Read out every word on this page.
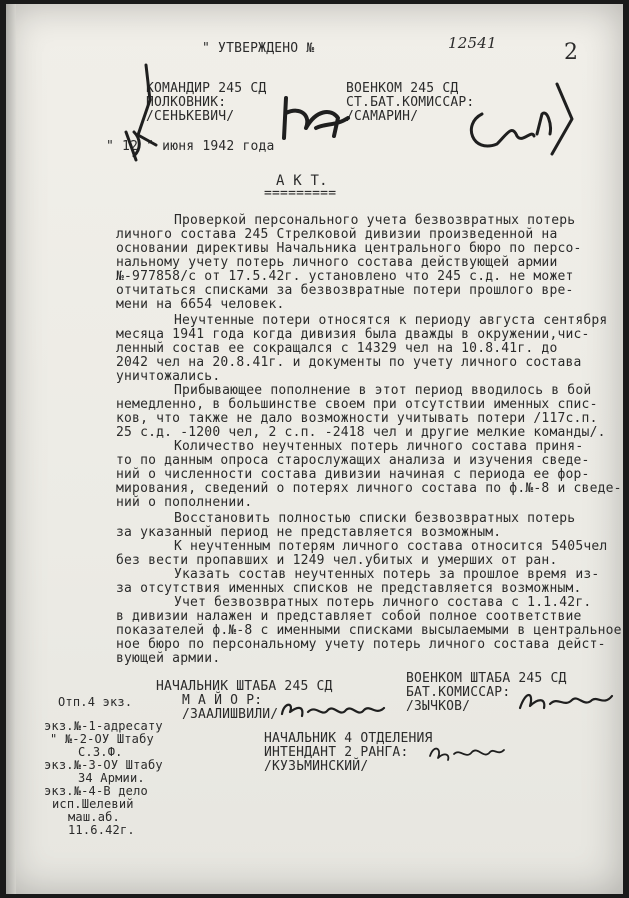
" УТВЕРЖДЕНО №	12541	2
КОМАНДИР 245 СД
ПОЛКОВНИК:
/СЕНЬКЕВИЧ/
ВОЕНКОМ 245 СД
СТ.БАТ.КОМИССАР:
/САМАРИН/
" 12 " июня 1942 года
А К Т.
=========
Проверкой персонального учета безвозвратных потерь
личного состава 245 Стрелковой дивизии произведенной на
основании директивы Начальника центрального бюро по персо-
нальному учету потерь личного состава действующей армии
№-977858/с от 17.5.42г. установлено что 245 с.д. не может
отчитаться списками за безвозвратные потери прошлого вре-
мени на 6654 человек.
Неучтенные потери относятся к периоду августа сентября
месяца 1941 года когда дивизия была дважды в окружении,чис-
ленный состав ее сокращался с 14329 чел на 10.8.41г. до
2042 чел на 20.8.41г. и документы по учету личного состава
уничтожались.
Прибывающее пополнение в этот период вводилось в бой
немедленно, в большинстве своем при отсутствии именных спис-
ков, что также не дало возможности учитывать потери /117с.п.
25 с.д. -1200 чел, 2 с.п. -2418 чел и другие мелкие команды/.
Количество неучтенных потерь личного состава приня-
то по данным опроса старослужащих анализа и изучения сведе-
ний о численности состава дивизии начиная с периода ее фор-
мирования, сведений о потерях личного состава по ф.№-8 и сведе-
ний о пополнении.
Восстановить полностью списки безвозвратных потерь
за указанный период не представляется возможным.
К неучтенным потерям личного состава относится 5405чел
без вести пропавших и 1249 чел.убитых и умерших от ран.
Указать состав неучтенных потерь за прошлое время из-
за отсутствия именных списков не представляется возможным.
Учет безвозвратных потерь личного состава с 1.1.42г.
в дивизии налажен и представляет собой полное соответствие
показателей ф.№-8 с именными списками высылаемыми в центральное
ное бюро по персональному учету потерь личного состава дейст-
вующей армии.
НАЧАЛЬНИК ШТАБА 245 СД
М А Й О Р:
/ЗААЛИШВИЛИ/
ВОЕНКОМ ШТАБА 245 СД
БАТ.КОМИССАР:
/ЗЫЧКОВ/
НАЧАЛЬНИК 4 ОТДЕЛЕНИЯ
ИНТЕНДАНТ 2 РАНГА:
/КУЗЬМИНСКИЙ/
Отп.4 экз.
экз.№-1-адресату
" №-2-ОУ Штабу
С.З.Ф.
экз.№-3-ОУ Штабу
34 Армии.
экз.№-4-В дело
исп.Шелевий
маш.аб.
11.6.42г.
